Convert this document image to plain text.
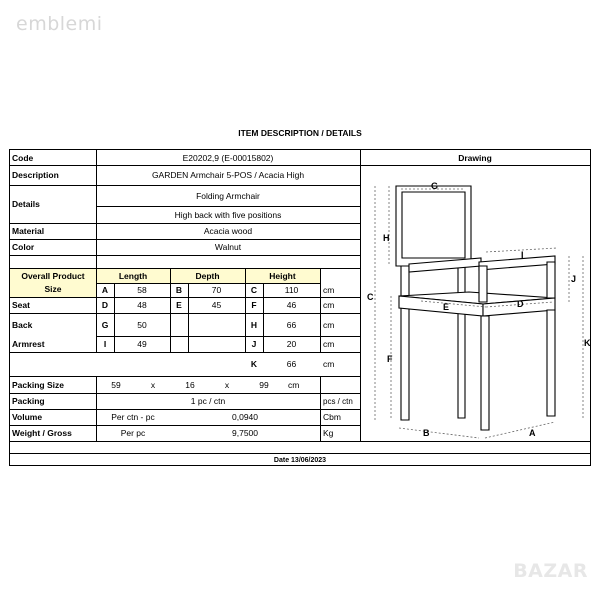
emblemi
ITEM DESCRIPTION / DETAILS
Code	E20202,9 (E-00015802)	Drawing
Description	GARDEN Armchair 5-POS / Acacia High
Details
Folding Armchair
High back with five positions
Material	Acacia wood
Color	Walnut
Overall Product
Size
Length	Depth	Height
A	58	B	70	C	110	cm
Seat	D	48	E	45	F	46	cm
Back	G	50	H	66	cm
Armrest	I	49	J	20	cm
K	66	cm
Packing Size	59	x	16	x	99	cm
Packing	1 pc / ctn	pcs / ctn
Volume	Per ctn - pc	0,0940	Cbm
Weight / Gross	Per pc	9,7500	Kg
G
H
I
C
J
E	D
F
K
B	A
Date 13/06/2023
BAZAR
